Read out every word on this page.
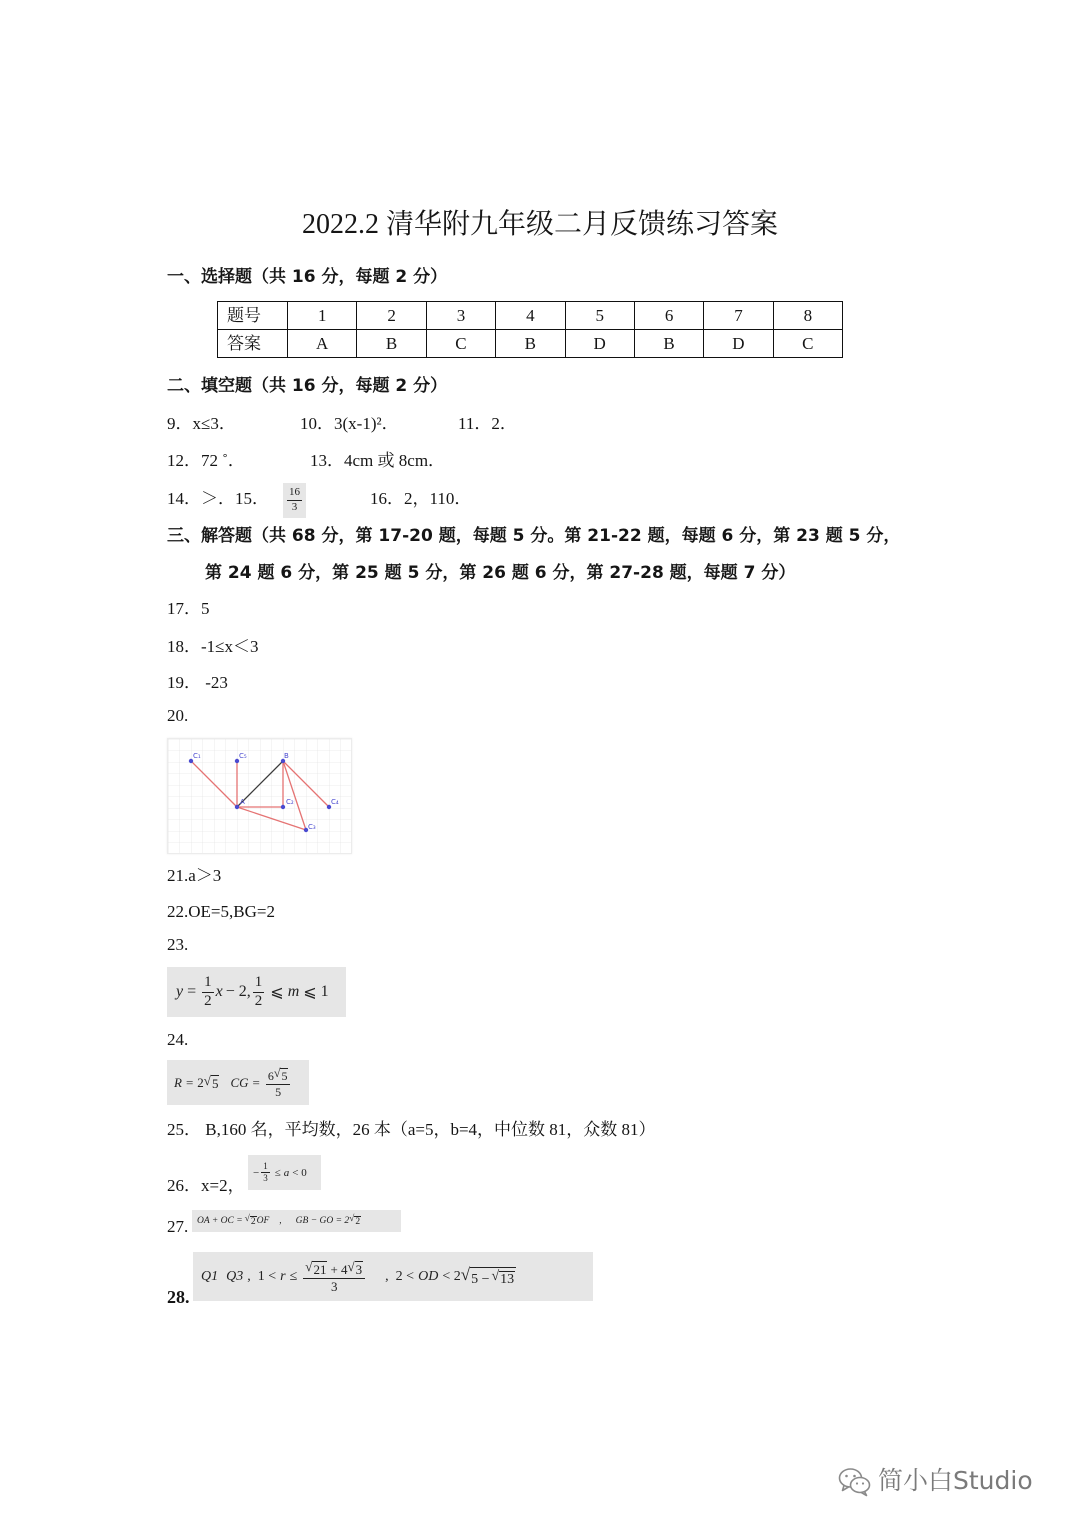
2022.2 清华附九年级二月反馈练习答案
一、选择题（共 16 分，每题 2 分）
题号	1	2	3	4	5	6	7	8
答案	A	B	C	B	D	B	D	C
二、填空题（共 16 分，每题 2 分）
9．x≤3．	10．3(x-1)²．	11．2．
12．72 ˚．	13．4cm 或 8cm．
14．＞．15． $\frac{16}{3}$	16．2，110．
三、解答题（共 68 分，第 17-20 题，每题 5 分。第 21-22 题，每题 6 分，第 23 题 5 分，
第 24 题 6 分，第 25 题 5 分，第 26 题 6 分，第 27-28 题，每题 7 分）
17．5
18．-1≤x＜3
19． -23
20.
C₁	C₅	B
A	C₂	C₄
C₃
21.a＞3
22.OE=5,BG=2
23.
$y = \frac{1}{2}$ x − 2, $\frac{1}{2}$ ⩽ m ⩽ 1
24.
R = 2 √ 5 CG = $\frac{6 √ 5}{5}$
25． B,160 名，平均数，26 本（a=5，b=4，中位数 81，众数 81）
26．x=2，
− $\frac{1}{3} \le a < 0$
27. OA + OC = √ 2 OF , GB − GO = 2 √ 2
28.
Q1 Q3 , 1 < r ≤
√ 21 + 4 √ 3
3
, 2 < OD < 2 √ 5 − √ 13
简小白Studio
